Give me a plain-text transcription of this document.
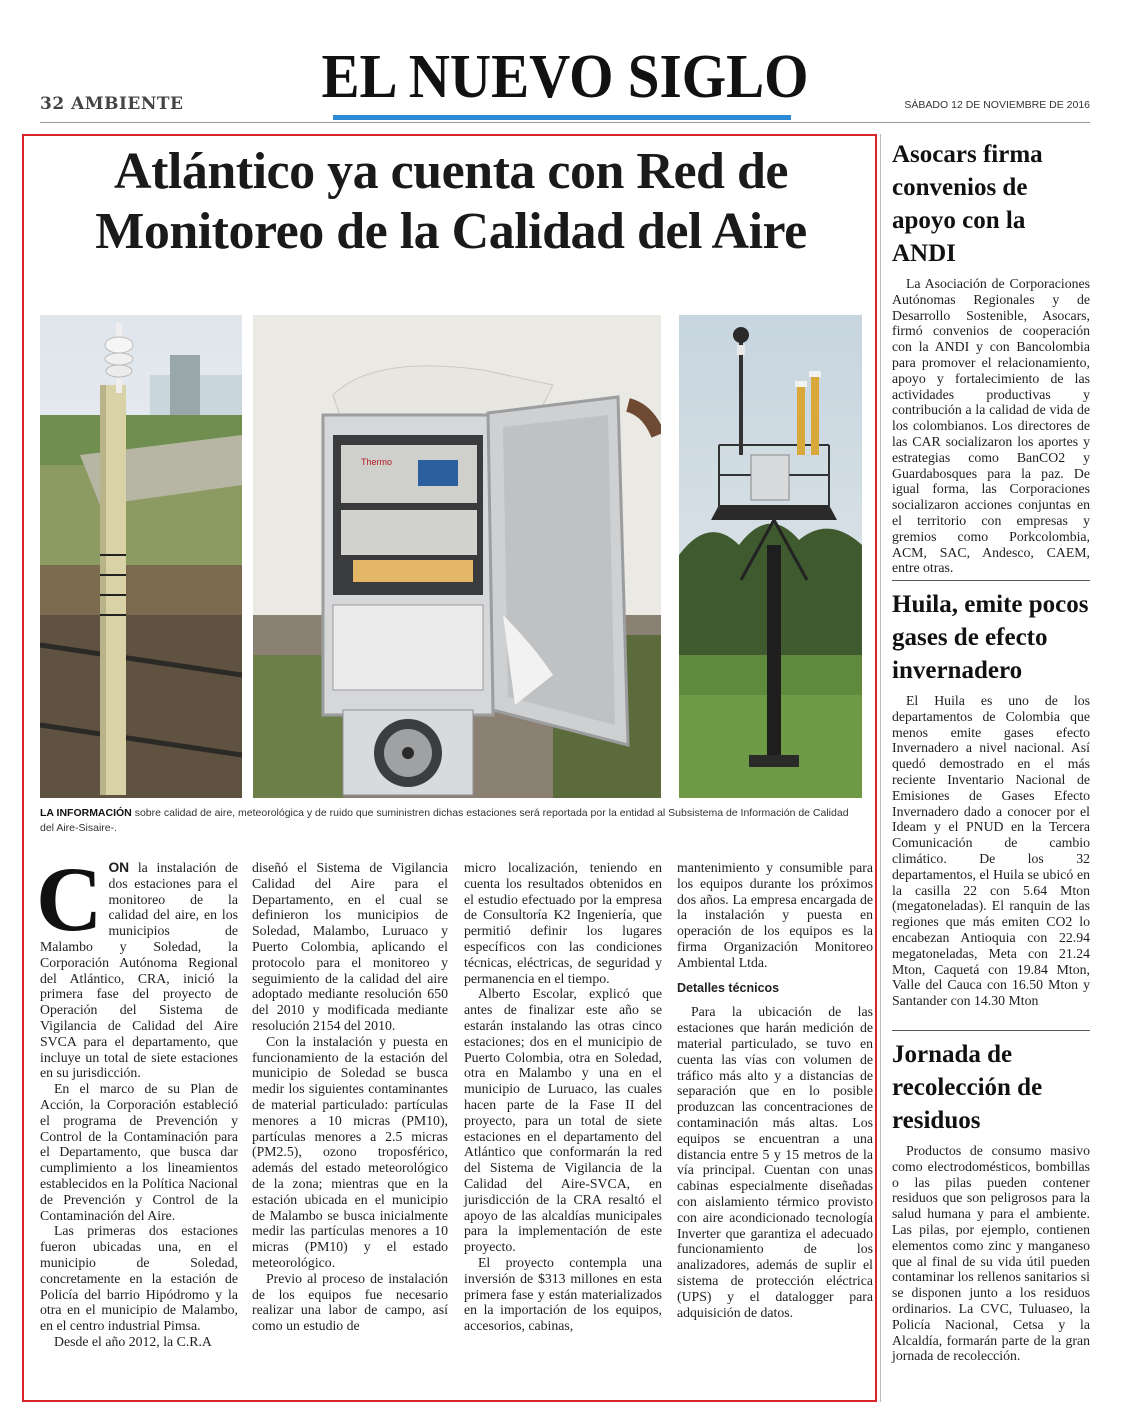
32 AMBIENTE EL NUEVO SIGLO	SÁBADO 12 DE NOVIEMBRE DE 2016
Atlántico ya cuenta con Red de
Monitoreo de la Calidad del Aire
Thermo
LA INFORMACIÓN sobre calidad de aire, meteorológica y de ruido que suministren dichas estaciones será reportada por la entidad al Subsistema de Información de Calidad del Aire-Sisaire-.

CON la instalación de dos estaciones para el monitoreo de la calidad del aire, en los municipios de Malambo y Soledad, la Corporación Autónoma Regional del Atlántico, CRA, inició la primera fase del proyecto de Operación del Sistema de Vigilancia de Calidad del Aire SVCA para el departamento, que incluye un total de siete estaciones en su jurisdicción.

En el marco de su Plan de Acción, la Corporación estableció el programa de Prevención y Control de la Contaminación para el Departamento, que busca dar cumplimiento a los lineamientos establecidos en la Política Nacional de Prevención y Control de la Contaminación del Aire.

Las primeras dos estaciones fueron ubicadas una, en el municipio de Soledad, concretamente en la estación de Policía del barrio Hipódromo y la otra en el municipio de Malambo, en el centro industrial Pimsa.

Desde el año 2012, la C.R.A

diseñó el Sistema de Vigilancia Calidad del Aire para el Departamento, en el cual se definieron los municipios de Soledad, Malambo, Luruaco y Puerto Colombia, aplicando el protocolo para el monitoreo y seguimiento de la calidad del aire adoptado mediante resolución 650 del 2010 y modificada mediante resolución 2154 del 2010.

Con la instalación y puesta en funcionamiento de la estación del municipio de Soledad se busca medir los siguientes contaminantes de material particulado: partículas menores a 10 micras (PM10), partículas menores a 2.5 micras (PM2.5), ozono troposférico, además del estado meteorológico de la zona; mientras que en la estación ubicada en el municipio de Malambo se busca inicialmente medir las partículas menores a 10 micras (PM10) y el estado meteorológico.

Previo al proceso de instalación de los equipos fue necesario realizar una labor de campo, así como un estudio de

micro localización, teniendo en cuenta los resultados obtenidos en el estudio efectuado por la empresa de Consultoría K2 Ingeniería, que permitió definir los lugares específicos con las condiciones técnicas, eléctricas, de seguridad y permanencia en el tiempo.

Alberto Escolar, explicó que antes de finalizar este año se estarán instalando las otras cinco estaciones; dos en el municipio de Puerto Colombia, otra en Soledad, otra en Malambo y una en el municipio de Luruaco, las cuales hacen parte de la Fase II del proyecto, para un total de siete estaciones en el departamento del Atlántico que conformarán la red del Sistema de Vigilancia de la Calidad del Aire-SVCA, en jurisdicción de la CRA resaltó el apoyo de las alcaldías municipales para la implementación de este proyecto.

El proyecto contempla una inversión de $313 millones en esta primera fase y están materializados en la importación de los equipos, accesorios, cabinas,

mantenimiento y consumible para los equipos durante los próximos dos años. La empresa encargada de la instalación y puesta en operación de los equipos es la firma Organización Monitoreo Ambiental Ltda.

Detalles técnicos

Para la ubicación de las estaciones que harán medición de material particulado, se tuvo en cuenta las vías con volumen de tráfico más alto y a distancias de separación que en lo posible produzcan las concentraciones de contaminación más altas. Los equipos se encuentran a una distancia entre 5 y 15 metros de la vía principal. Cuentan con unas cabinas especialmente diseñadas con aislamiento térmico provisto con aire acondicionado tecnología Inverter que garantiza el adecuado funcionamiento de los analizadores, además de suplir el sistema de protección eléctrica (UPS) y el datalogger para adquisición de datos.

Asocars firma convenios de apoyo con la ANDI

La Asociación de Corporaciones Autónomas Regionales y de Desarrollo Sostenible, Asocars, firmó convenios de cooperación con la ANDI y con Bancolombia para promover el relacionamiento, apoyo y fortalecimiento de las actividades productivas y contribución a la calidad de vida de los colombianos. Los directores de las CAR socializaron los aportes y estrategias como BanCO2 y Guardabosques para la paz. De igual forma, las Corporaciones socializaron acciones conjuntas en el territorio con empresas y gremios como Porkcolombia, ACM, SAC, Andesco, CAEM, entre otras.

Huila, emite pocos gases de efecto invernadero

El Huila es uno de los departamentos de Colombia que menos emite gases efecto Invernadero a nivel nacional. Así quedó demostrado en el más reciente Inventario Nacional de Emisiones de Gases Efecto Invernadero dado a conocer por el Ideam y el PNUD en la Tercera Comunicación de cambio climático. De los 32 departamentos, el Huila se ubicó en la casilla 22 con 5.64 Mton (megatoneladas). El ranquin de las regiones que más emiten CO2 lo encabezan Antioquia con 22.94 megatoneladas, Meta con 21.24 Mton, Caquetá con 19.84 Mton, Valle del Cauca con 16.50 Mton y Santander con 14.30 Mton

Jornada de recolección de residuos

Productos de consumo masivo como electrodomésticos, bombillas o las pilas pueden contener residuos que son peligrosos para la salud humana y para el ambiente. Las pilas, por ejemplo, contienen elementos como zinc y manganeso que al final de su vida útil pueden contaminar los rellenos sanitarios si se disponen junto a los residuos ordinarios. La CVC, Tuluaseo, la Policía Nacional, Cetsa y la Alcaldía, formarán parte de la gran jornada de recolección.
